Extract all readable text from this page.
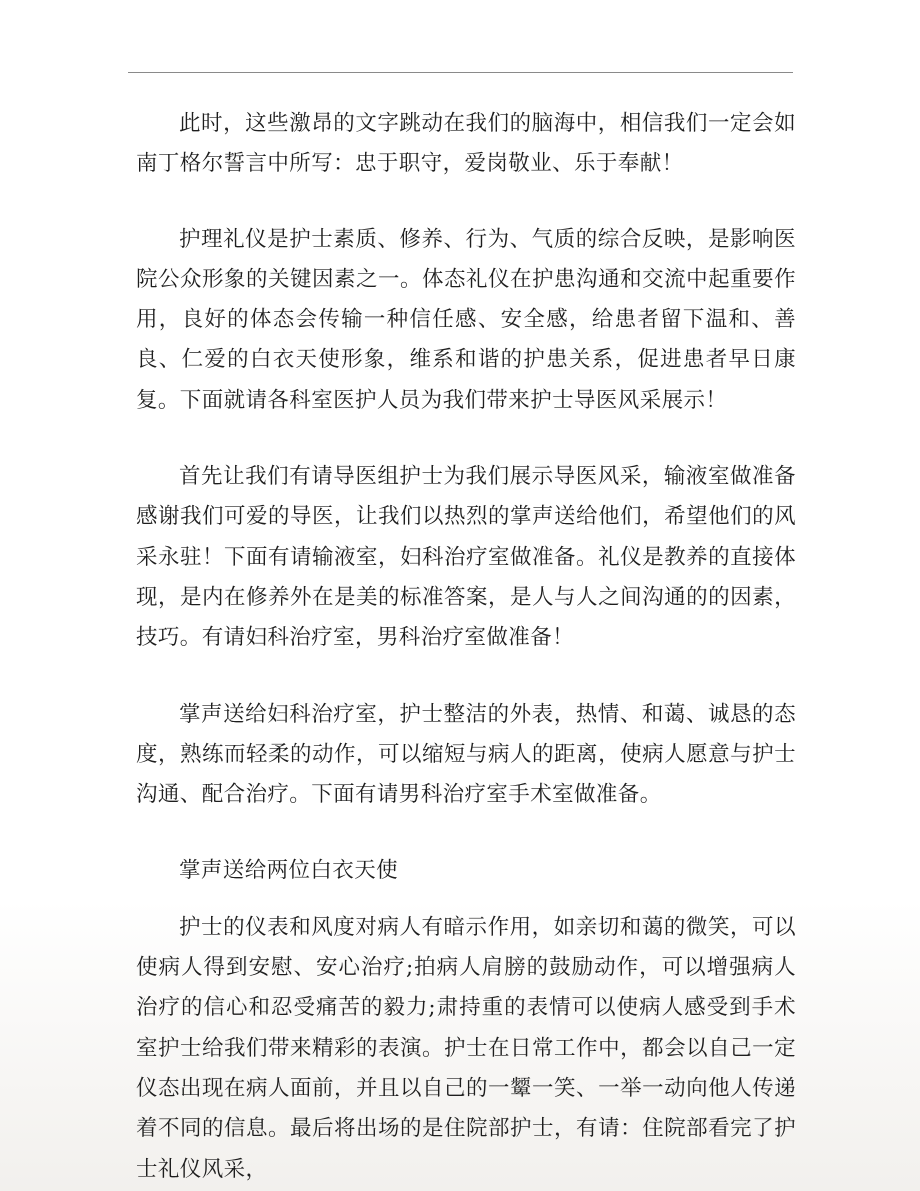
此时，这些激昂的文字跳动在我们的脑海中，相信我们一定会如南丁格尔誓言中所写：忠于职守，爱岗敬业、乐于奉献！

护理礼仪是护士素质、修养、行为、气质的综合反映，是影响医院公众形象的关键因素之一。体态礼仪在护患沟通和交流中起重要作用，良好的体态会传输一种信任感、安全感，给患者留下温和、善良、仁爱的白衣天使形象，维系和谐的护患关系，促进患者早日康复。下面就请各科室医护人员为我们带来护士导医风采展示！

首先让我们有请导医组护士为我们展示导医风采，输液室做准备感谢我们可爱的导医，让我们以热烈的掌声送给他们，希望他们的风采永驻！下面有请输液室，妇科治疗室做准备。礼仪是教养的直接体现，是内在修养外在是美的标准答案，是人与人之间沟通的的因素，技巧。有请妇科治疗室，男科治疗室做准备！

掌声送给妇科治疗室，护士整洁的外表，热情、和蔼、诚恳的态度，熟练而轻柔的动作，可以缩短与病人的距离，使病人愿意与护士沟通、配合治疗。下面有请男科治疗室手术室做准备。

掌声送给两位白衣天使

护士的仪表和风度对病人有暗示作用，如亲切和蔼的微笑，可以使病人得到安慰、安心治疗;拍病人肩膀的鼓励动作，可以增强病人治疗的信心和忍受痛苦的毅力;肃持重的表情可以使病人感受到手术室护士给我们带来精彩的表演。护士在日常工作中，都会以自己一定仪态出现在病人面前，并且以自己的一颦一笑、一举一动向他人传递着不同的信息。最后将出场的是住院部护士，有请：住院部看完了护士礼仪风采，
